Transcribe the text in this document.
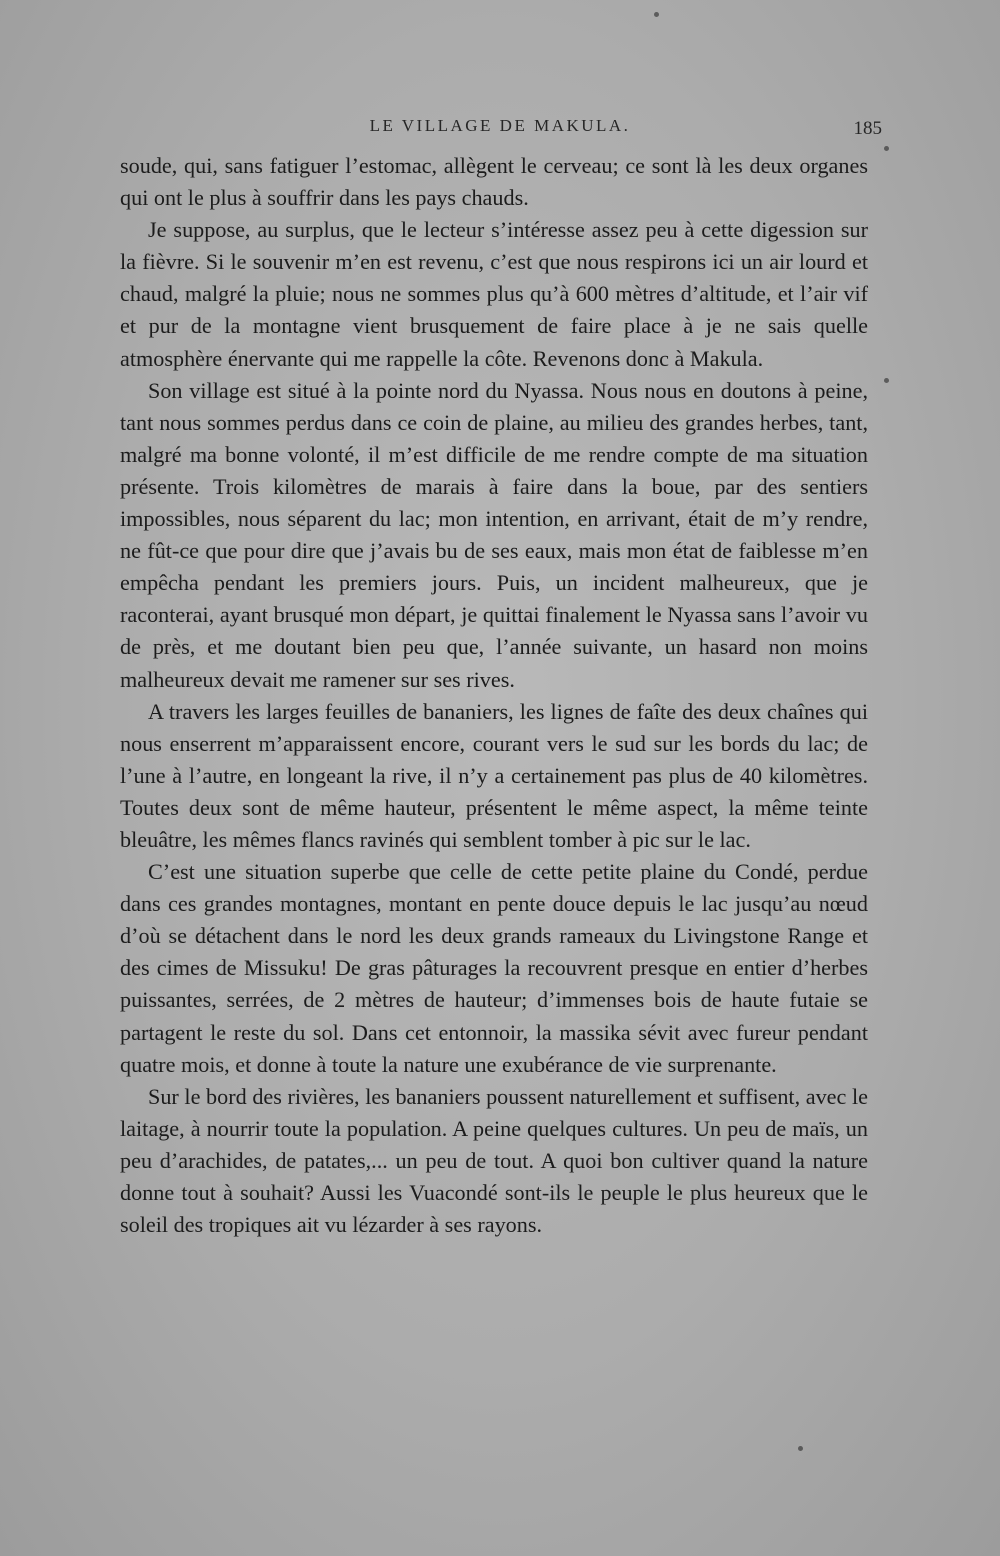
LE VILLAGE DE MAKULA.	185

soude, qui, sans fatiguer l’estomac, allègent le cerveau; ce sont là les deux organes qui ont le plus à souffrir dans les pays chauds.

Je suppose, au surplus, que le lecteur s’intéresse assez peu à cette digession sur la fièvre. Si le souvenir m’en est revenu, c’est que nous respirons ici un air lourd et chaud, malgré la pluie; nous ne sommes plus qu’à 600 mètres d’altitude, et l’air vif et pur de la montagne vient brusquement de faire place à je ne sais quelle atmosphère énervante qui me rappelle la côte. Revenons donc à Makula.

Son village est situé à la pointe nord du Nyassa. Nous nous en doutons à peine, tant nous sommes perdus dans ce coin de plaine, au milieu des grandes herbes, tant, malgré ma bonne volonté, il m’est difficile de me rendre compte de ma situation présente. Trois kilomètres de marais à faire dans la boue, par des sentiers impossibles, nous séparent du lac; mon intention, en arrivant, était de m’y rendre, ne fût-ce que pour dire que j’avais bu de ses eaux, mais mon état de faiblesse m’en empêcha pendant les premiers jours. Puis, un incident malheureux, que je raconterai, ayant brusqué mon départ, je quittai finalement le Nyassa sans l’avoir vu de près, et me doutant bien peu que, l’année suivante, un hasard non moins malheureux devait me ramener sur ses rives.

A travers les larges feuilles de bananiers, les lignes de faîte des deux chaînes qui nous enserrent m’apparaissent encore, courant vers le sud sur les bords du lac; de l’une à l’autre, en longeant la rive, il n’y a certainement pas plus de 40 kilomètres. Toutes deux sont de même hauteur, présentent le même aspect, la même teinte bleuâtre, les mêmes flancs ravinés qui semblent tomber à pic sur le lac.

C’est une situation superbe que celle de cette petite plaine du Condé, perdue dans ces grandes montagnes, montant en pente douce depuis le lac jusqu’au nœud d’où se détachent dans le nord les deux grands rameaux du Livingstone Range et des cimes de Missuku! De gras pâturages la recouvrent presque en entier d’herbes puissantes, serrées, de 2 mètres de hauteur; d’immenses bois de haute futaie se partagent le reste du sol. Dans cet entonnoir, la massika sévit avec fureur pendant quatre mois, et donne à toute la nature une exubérance de vie surprenante.

Sur le bord des rivières, les bananiers poussent naturellement et suffisent, avec le laitage, à nourrir toute la population. A peine quelques cultures. Un peu de maïs, un peu d’arachides, de patates,... un peu de tout. A quoi bon cultiver quand la nature donne tout à souhait? Aussi les Vuacondé sont-ils le peuple le plus heureux que le soleil des tropiques ait vu lézarder à ses rayons.
